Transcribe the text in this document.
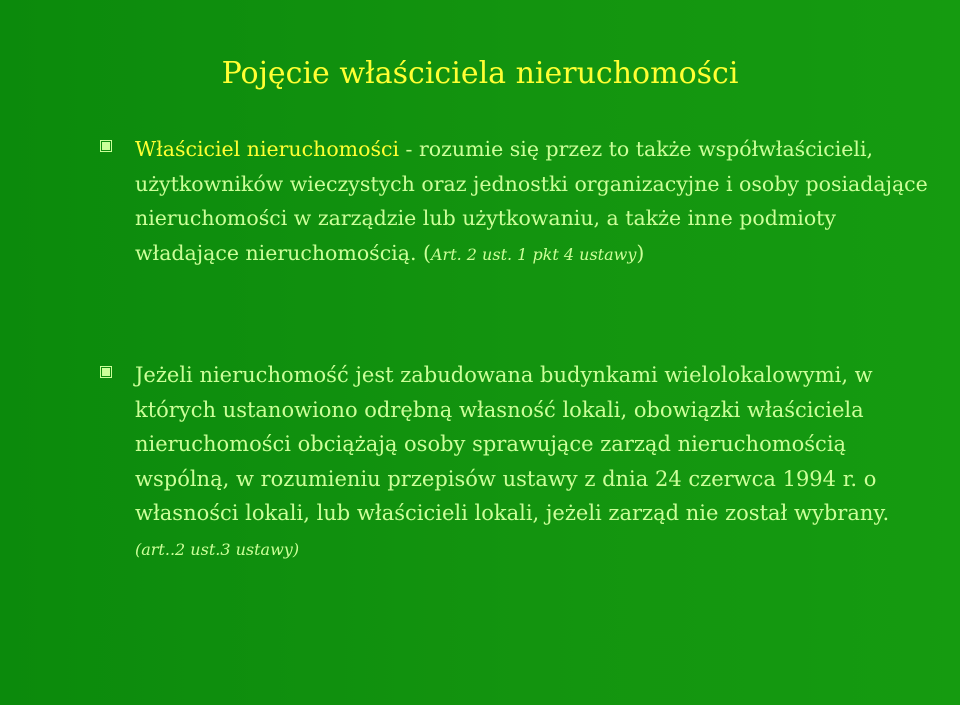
Pojęcie właściciela nieruchomości
Właściciel nieruchomości - rozumie się przez to także współwłaścicieli, użytkowników wieczystych oraz jednostki organizacyjne i osoby posiadające nieruchomości w zarządzie lub użytkowaniu, a także inne podmioty władające nieruchomością. (Art. 2 ust. 1 pkt 4 ustawy)
Jeżeli nieruchomość jest zabudowana budynkami wielolokalowymi, w których ustanowiono odrębną własność lokali, obowiązki właściciela nieruchomości obciążają osoby sprawujące zarząd nieruchomością wspólną, w rozumieniu przepisów ustawy z dnia 24 czerwca 1994 r. o własności lokali, lub właścicieli lokali, jeżeli zarząd nie został wybrany. (art..2 ust.3 ustawy)
